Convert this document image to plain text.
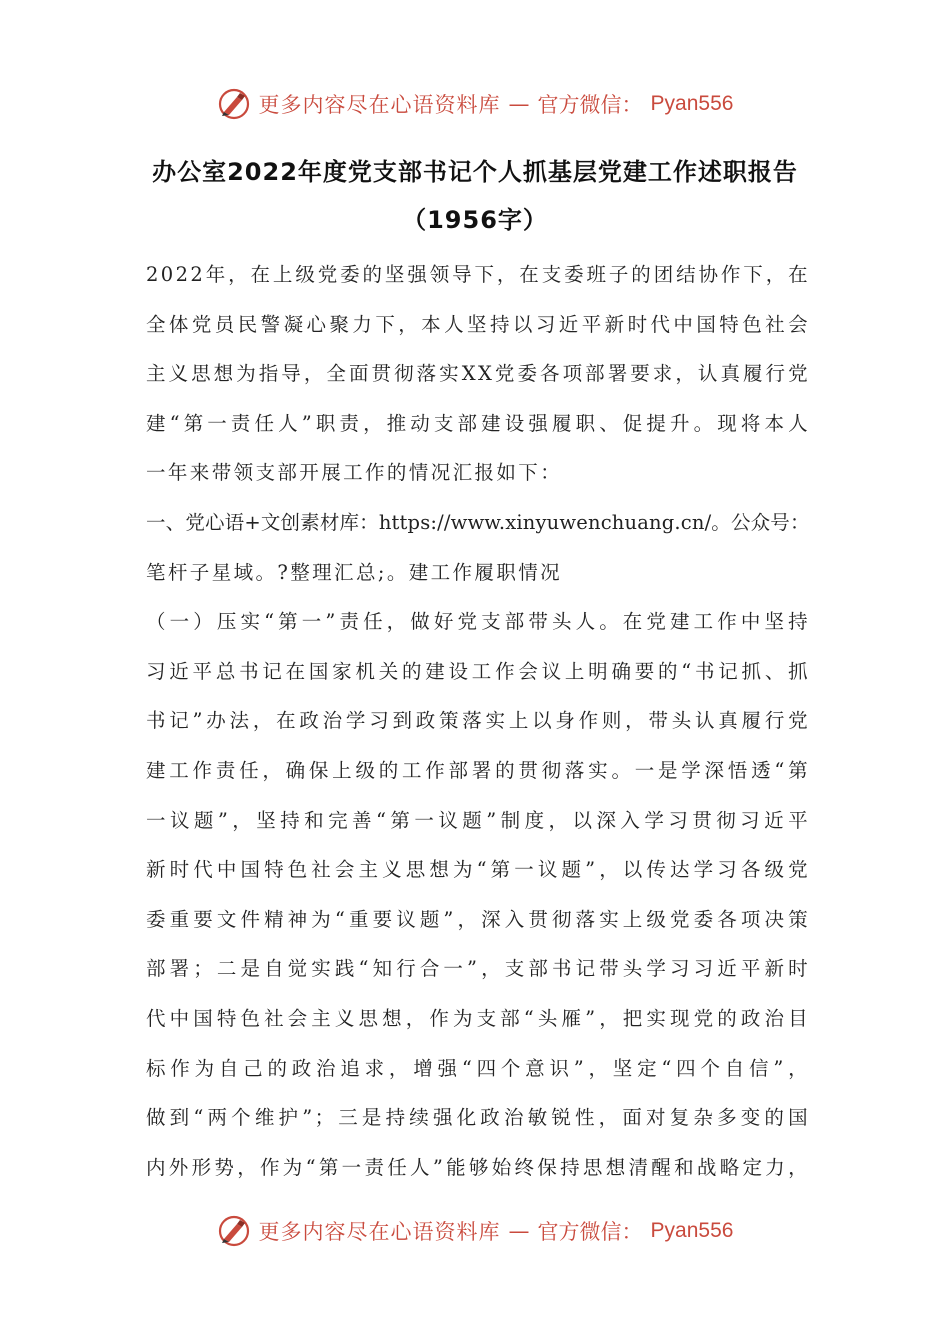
更多内容尽在心语资料库 — 官方微信： Pyan556
办公室2022年度党支部书记个人抓基层党建工作述职报告
（1956字）
2022年，在上级党委的坚强领导下，在支委班子的团结协作下，在
全体党员民警凝心聚力下，本人坚持以习近平新时代中国特色社会
主义思想为指导，全面贯彻落实XX党委各项部署要求，认真履行党
建“第一责任人”职责，推动支部建设强履职、促提升。现将本人
一年来带领支部开展工作的情况汇报如下：
一、党心语+文创素材库：https://www.xinyuwenchuang.cn/。公众号：
笔杆子星域。?整理汇总;。建工作履职情况
（一）压实“第一”责任，做好党支部带头人。在党建工作中坚持
习近平总书记在国家机关的建设工作会议上明确要的“书记抓、抓
书记”办法，在政治学习到政策落实上以身作则，带头认真履行党
建工作责任，确保上级的工作部署的贯彻落实。一是学深悟透“第
一议题”，坚持和完善“第一议题”制度，以深入学习贯彻习近平
新时代中国特色社会主义思想为“第一议题”，以传达学习各级党
委重要文件精神为“重要议题”，深入贯彻落实上级党委各项决策
部署；二是自觉实践“知行合一”，支部书记带头学习习近平新时
代中国特色社会主义思想，作为支部“头雁”，把实现党的政治目
标作为自己的政治追求，增强“四个意识”，坚定“四个自信”，
做到“两个维护”；三是持续强化政治敏锐性，面对复杂多变的国
内外形势，作为“第一责任人”能够始终保持思想清醒和战略定力，
更多内容尽在心语资料库 — 官方微信： Pyan556
